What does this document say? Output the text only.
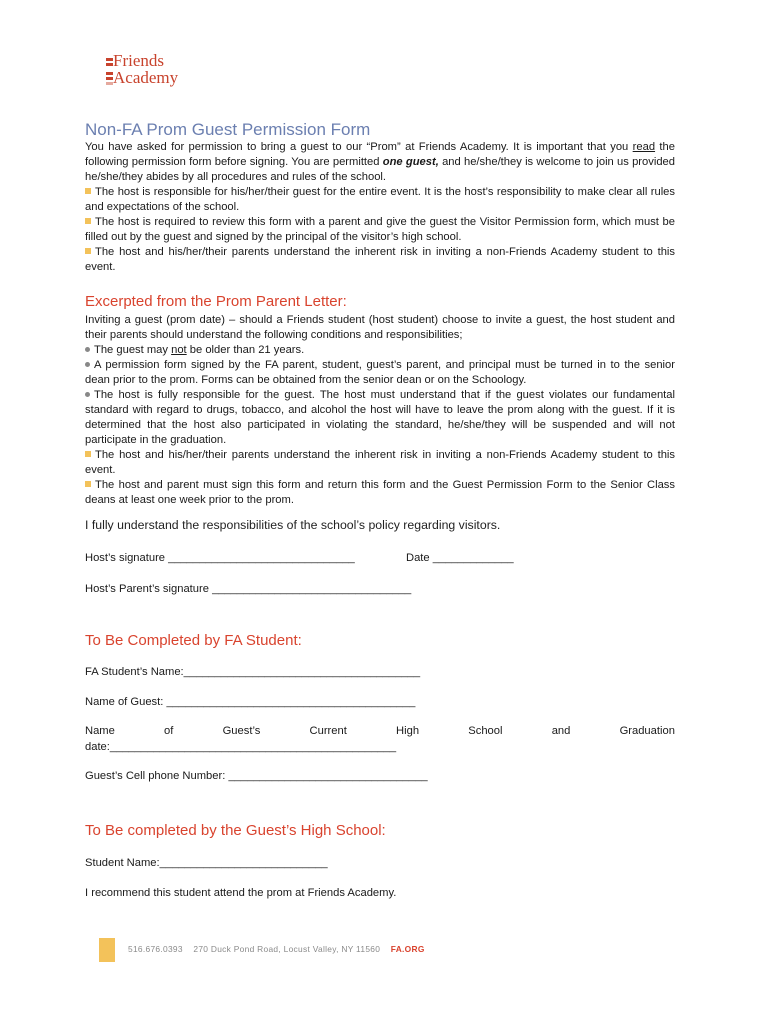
Friends
Academy
Non-FA Prom Guest Permission Form

You have asked for permission to bring a guest to our “Prom” at Friends Academy. It is important that you read the following permission form before signing. You are permitted one guest, and he/she/they is welcome to join us provided he/she/they abides by all procedures and rules of the school.

The host is responsible for his/her/their guest for the entire event. It is the host’s responsibility to make clear all rules and expectations of the school.

The host is required to review this form with a parent and give the guest the Visitor Permission form, which must be filled out by the guest and signed by the principal of the visitor’s high school.

The host and his/her/their parents understand the inherent risk in inviting a non-Friends Academy student to this event.

Excerpted from the Prom Parent Letter:

Inviting a guest (prom date) – should a Friends student (host student) choose to invite a guest, the host student and their parents should understand the following conditions and responsibilities;

The guest may not be older than 21 years.

A permission form signed by the FA parent, student, guest’s parent, and principal must be turned in to the senior dean prior to the prom. Forms can be obtained from the senior dean or on the Schoology.

The host is fully responsible for the guest. The host must understand that if the guest violates our fundamental standard with regard to drugs, tobacco, and alcohol the host will have to leave the prom along with the guest. If it is determined that the host also participated in violating the standard, he/she/they will be suspended and will not participate in the graduation.

The host and his/her/their parents understand the inherent risk in inviting a non-Friends Academy student to this event.

The host and parent must sign this form and return this form and the Guest Permission Form to the Senior Class deans at least one week prior to the prom.

I fully understand the responsibilities of the school’s policy regarding visitors.
Host’s signature ______________________________	Date _____________
Host’s Parent’s signature ________________________________
To Be Completed by FA Student:
FA Student’s Name:______________________________________
Name of Guest: ________________________________________
Name	of	Guest’s	Current	High	School	and	Graduation
date:______________________________________________
Guest’s Cell phone Number: ________________________________
To Be completed by the Guest’s High School:
Student Name:___________________________
I recommend this student attend the prom at Friends Academy.
516.676.0393 270 Duck Pond Road, Locust Valley, NY 11560 FA.ORG
